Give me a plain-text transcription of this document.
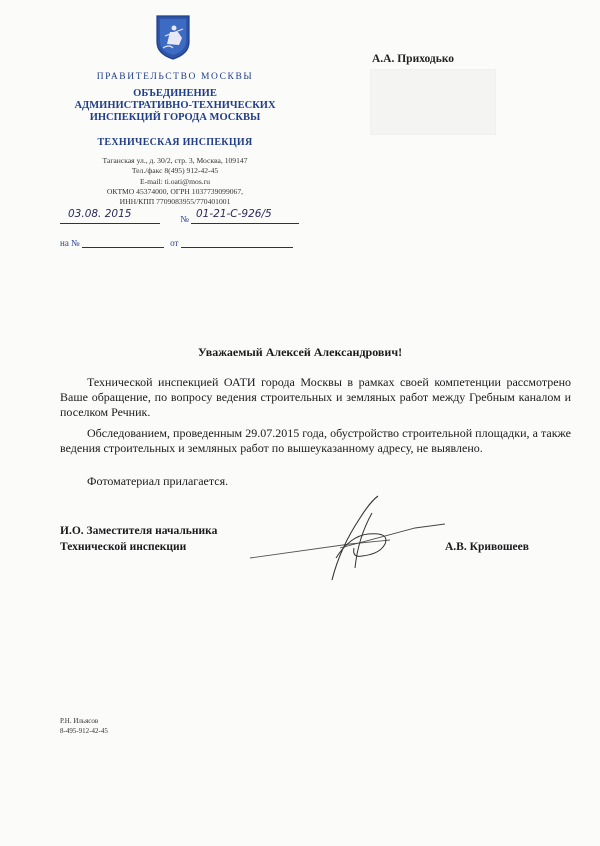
ПРАВИТЕЛЬСТВО МОСКВЫ
ОБЪЕДИНЕНИЕ
АДМИНИСТРАТИВНО-ТЕХНИЧЕСКИХ
ИНСПЕКЦИЙ ГОРОДА МОСКВЫ
ТЕХНИЧЕСКАЯ ИНСПЕКЦИЯ
Таганская ул., д. 30/2, стр. 3, Москва, 109147
Тел./факс 8(495) 912-42-45
E-mail: ti.oati@mos.ru
ОКТМО 45374000, ОГРН 1037739099067,
ИНН/КПП 7709083955/770401001
№
03.08. 2015	01-21-С-926/5
на №	от
А.А. Приходько
Уважаемый Алексей Александрович!
Технической инспекцией ОАТИ города Москвы в рамках своей компетенции рассмотрено Ваше обращение, по вопросу ведения строительных и земляных работ между Гребным каналом и поселком Речник.
Обследованием, проведенным 29.07.2015 года, обустройство строительной площадки, а также ведения строительных и земляных работ по вышеуказанному адресу, не выявлено.
Фотоматериал прилагается.
И.О. Заместителя начальника
Технической инспекции	А.В. Кривошеев
Р.Н. Ильясов
8-495-912-42-45
